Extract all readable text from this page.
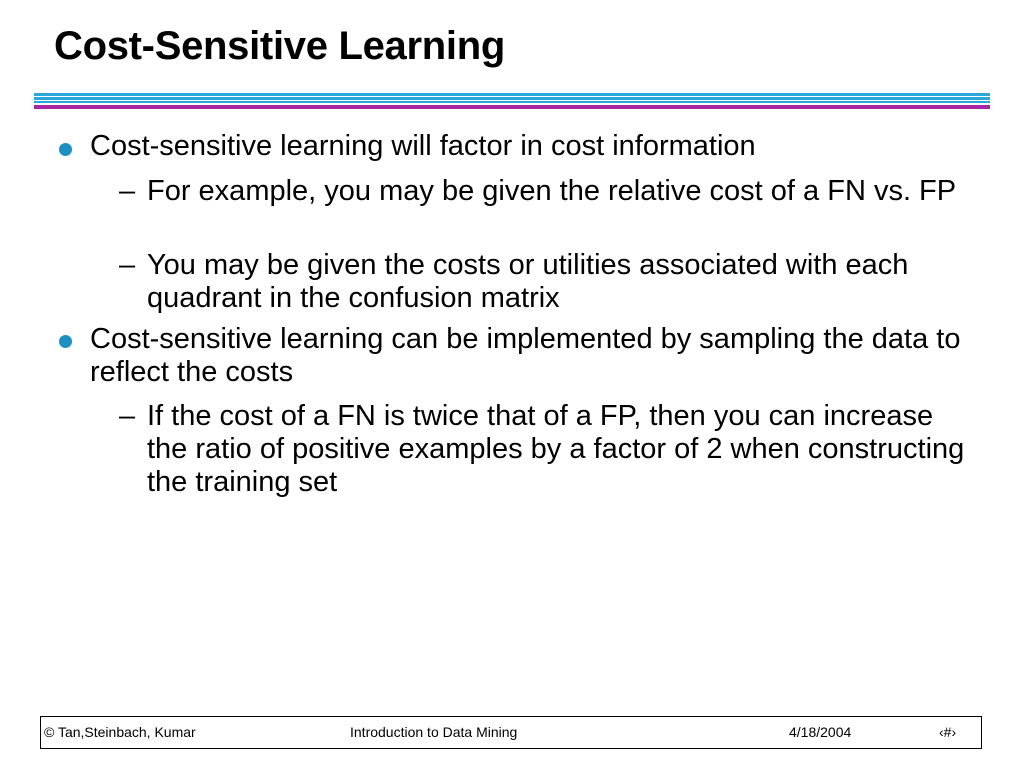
Cost-Sensitive Learning
Cost-sensitive learning will factor in cost information
– For example, you may be given the relative cost of a FN vs. FP
– You may be given the costs or utilities associated with each quadrant in the confusion matrix
Cost-sensitive learning can be implemented by sampling the data to reflect the costs
– If the cost of a FN is twice that of a FP, then you can increase the ratio of positive examples by a factor of 2 when constructing the training set
© Tan,Steinbach, Kumar	Introduction to Data Mining	4/18/2004	‹#›
